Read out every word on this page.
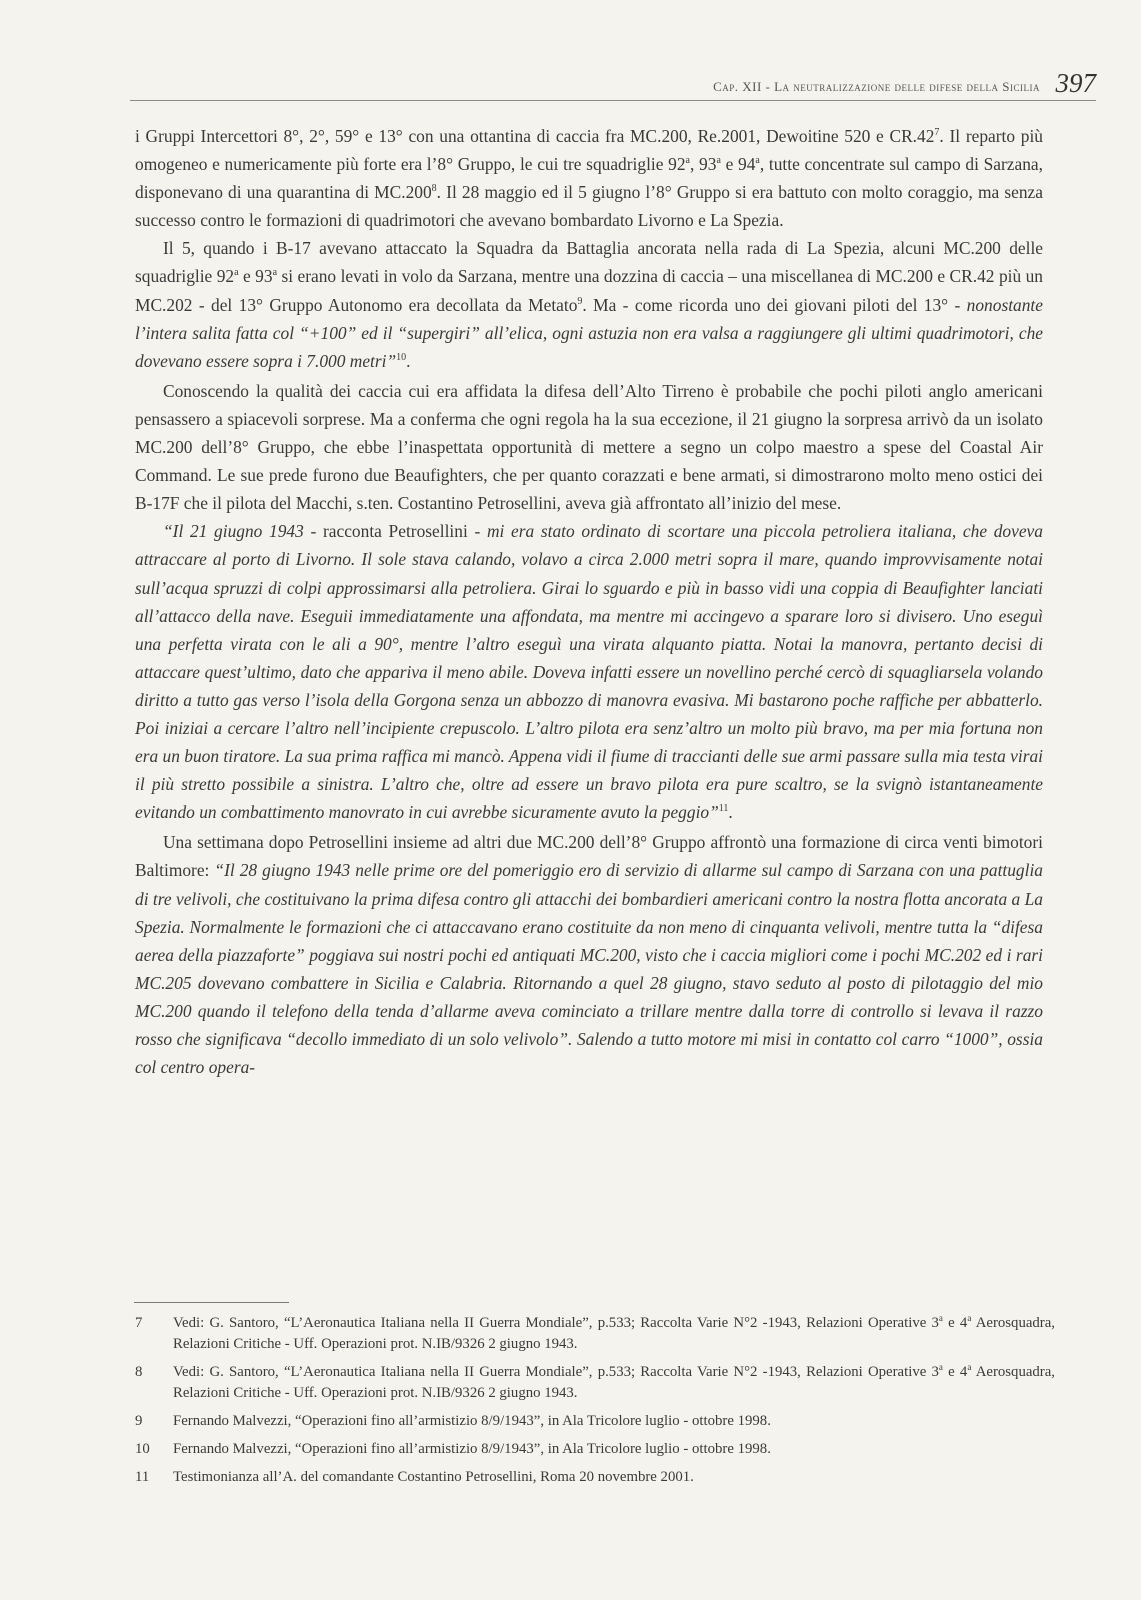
Cap. XII - La neutralizzazione delle difese della Sicilia 397

i Gruppi Intercettori 8°, 2°, 59° e 13° con una ottantina di caccia fra MC.200, Re.2001, Dewoitine 520 e $CR.42^7$. Il reparto più omogeneo e numericamente più forte era l’8° Gruppo, le cui tre squadriglie 92$^a$, 93$^a$ e 94$^a$, tutte concentrate sul campo di Sarzana, disponevano di una quarantina di MC.200$^8$. Il 28 maggio ed il 5 giugno l’8° Gruppo si era battuto con molto coraggio, ma senza successo contro le formazioni di quadrimotori che avevano bombardato Livorno e La Spezia.

Il 5, quando i B-17 avevano attaccato la Squadra da Battaglia ancorata nella rada di La Spezia, alcuni MC.200 delle squadriglie 92$^a$ e 93$^a$ si erano levati in volo da Sarzana, mentre una dozzina di caccia – una miscellanea di MC.200 e CR.42 più un MC.202 - del 13° Gruppo Autonomo era decollata da Metato$^9$. Ma - come ricorda uno dei giovani piloti del 13° - nonostante l’intera salita fatta col “+100” ed il “supergiri” all’elica, ogni astuzia non era valsa a raggiungere gli ultimi quadrimotori, che dovevano essere sopra i 7.000 metri”$^{10}$.

Conoscendo la qualità dei caccia cui era affidata la difesa dell’Alto Tirreno è probabile che pochi piloti anglo americani pensassero a spiacevoli sorprese. Ma a conferma che ogni regola ha la sua eccezione, il 21 giugno la sorpresa arrivò da un isolato MC.200 dell’8° Gruppo, che ebbe l’inaspettata opportunità di mettere a segno un colpo maestro a spese del Coastal Air Command. Le sue prede furono due Beaufighters, che per quanto corazzati e bene armati, si dimostrarono molto meno ostici dei B-17F che il pilota del Macchi, s.ten. Costantino Petrosellini, aveva già affrontato all’inizio del mese.

“Il 21 giugno 1943 - racconta Petrosellini - mi era stato ordinato di scortare una piccola petroliera italiana, che doveva attraccare al porto di Livorno. Il sole stava calando, volavo a circa 2.000 metri sopra il mare, quando improvvisamente notai sull’acqua spruzzi di colpi approssimarsi alla petroliera. Girai lo sguardo e più in basso vidi una coppia di Beaufighter lanciati all’attacco della nave. Eseguii immediatamente una affondata, ma mentre mi accingevo a sparare loro si divisero. Uno eseguì una perfetta virata con le ali a 90°, mentre l’altro eseguì una virata alquanto piatta. Notai la manovra, pertanto decisi di attaccare quest’ultimo, dato che appariva il meno abile. Doveva infatti essere un novellino perché cercò di squagliarsela volando diritto a tutto gas verso l’isola della Gorgona senza un abbozzo di manovra evasiva. Mi bastarono poche raffiche per abbatterlo. Poi iniziai a cercare l’altro nell’incipiente crepuscolo. L’altro pilota era senz’altro un molto più bravo, ma per mia fortuna non era un buon tiratore. La sua prima raffica mi mancò. Appena vidi il fiume di traccianti delle sue armi passare sulla mia testa virai il più stretto possibile a sinistra. L’altro che, oltre ad essere un bravo pilota era pure scaltro, se la svignò istantaneamente evitando un combattimento manovrato in cui avrebbe sicuramente avuto la peggio”$^{11}$.

Una settimana dopo Petrosellini insieme ad altri due MC.200 dell’8° Gruppo affrontò una formazione di circa venti bimotori Baltimore: “Il 28 giugno 1943 nelle prime ore del pomeriggio ero di servizio di allarme sul campo di Sarzana con una pattuglia di tre velivoli, che costituivano la prima difesa contro gli attacchi dei bombardieri americani contro la nostra flotta ancorata a La Spezia. Normalmente le formazioni che ci attaccavano erano costituite da non meno di cinquanta velivoli, mentre tutta la “difesa aerea della piazzaforte” poggiava sui nostri pochi ed antiquati MC.200, visto che i caccia migliori come i pochi MC.202 ed i rari MC.205 dovevano combattere in Sicilia e Calabria. Ritornando a quel 28 giugno, stavo seduto al posto di pilotaggio del mio MC.200 quando il telefono della tenda d’allarme aveva cominciato a trillare mentre dalla torre di controllo si levava il razzo rosso che significava “decollo immediato di un solo velivolo”. Salendo a tutto motore mi misi in contatto col carro “1000”, ossia col centro opera-

7	Vedi: G. Santoro, “L’Aeronautica Italiana nella II Guerra Mondiale”, p.533; Raccolta Varie N°2 -1943, Relazioni Operative 3$^a$ e 4$^a$ Aerosquadra, Relazioni Critiche - Uff. Operazioni prot. N.IB/9326 2 giugno 1943.
8	Vedi: G. Santoro, “L’Aeronautica Italiana nella II Guerra Mondiale”, p.533; Raccolta Varie N°2 -1943, Relazioni Operative 3$^a$ e 4$^a$ Aerosquadra, Relazioni Critiche - Uff. Operazioni prot. N.IB/9326 2 giugno 1943.
9	Fernando Malvezzi, “Operazioni fino all’armistizio 8/9/1943”, in Ala Tricolore luglio - ottobre 1998.
10	Fernando Malvezzi, “Operazioni fino all’armistizio 8/9/1943”, in Ala Tricolore luglio - ottobre 1998.
11	Testimonianza all’A. del comandante Costantino Petrosellini, Roma 20 novembre 2001.
